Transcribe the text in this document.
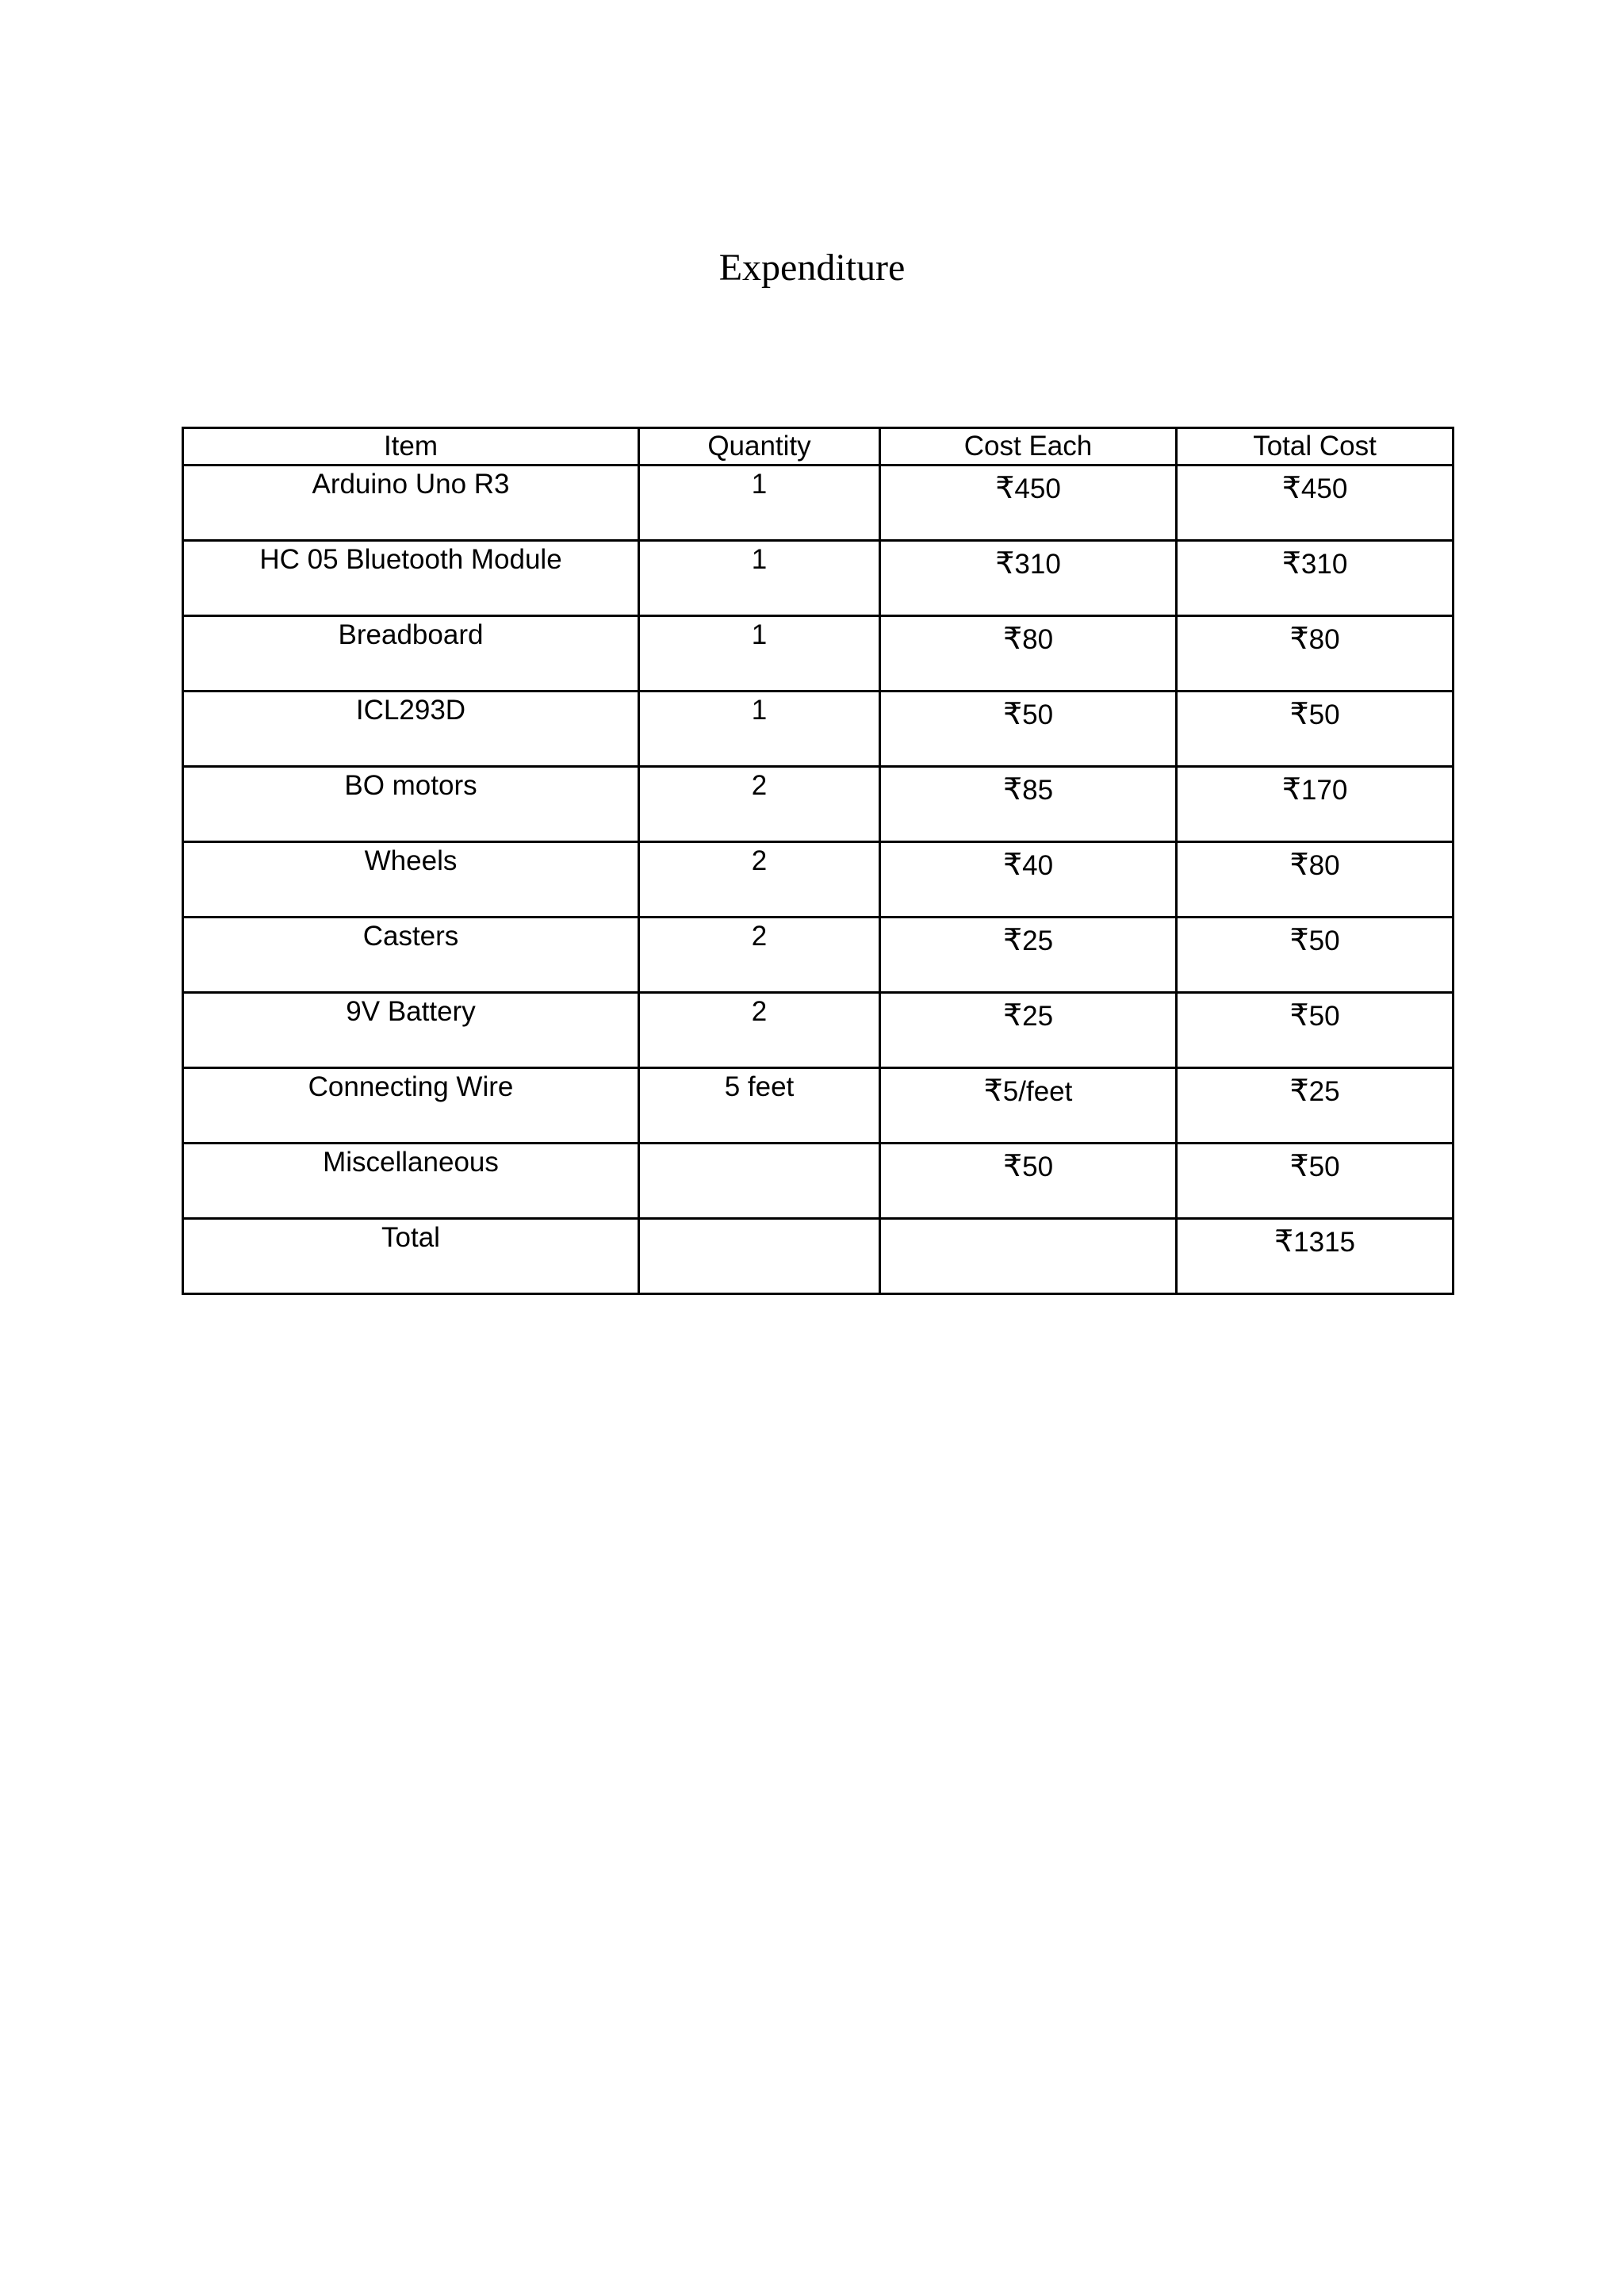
Expenditure
Item	Quantity	Cost Each	Total Cost

Arduino Uno R3	1	₹450	₹450

HC 05 Bluetooth Module	1	₹310	₹310

Breadboard	1	₹80	₹80

ICL293D	1	₹50	₹50

BO motors	2	₹85	₹170

Wheels	2	₹40	₹80

Casters	2	₹25	₹50

9V Battery	2	₹25	₹50

Connecting Wire	5 feet	₹5/feet	₹25

Miscellaneous		₹50	₹50

Total			₹1315
